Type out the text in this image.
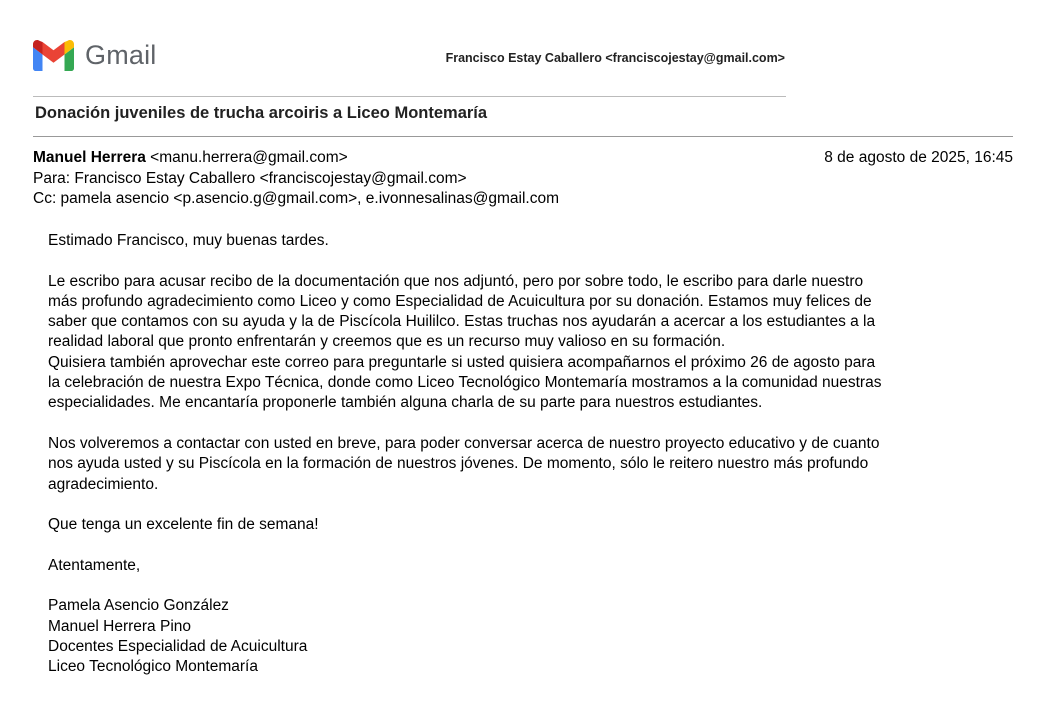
Gmail	Francisco Estay Caballero <franciscojestay@gmail.com>
Donación juveniles de trucha arcoiris a Liceo Montemaría
Manuel Herrera <manu.herrera@gmail.com>
Para: Francisco Estay Caballero <franciscojestay@gmail.com>
Cc: pamela asencio <p.asencio.g@gmail.com>, e.ivonnesalinas@gmail.com
8 de agosto de 2025, 16:45

Estimado Francisco, muy buenas tardes.

Le escribo para acusar recibo de la documentación que nos adjuntó, pero por sobre todo, le escribo para darle nuestro
más profundo agradecimiento como Liceo y como Especialidad de Acuicultura por su donación. Estamos muy felices de
saber que contamos con su ayuda y la de Piscícola Huililco. Estas truchas nos ayudarán a acercar a los estudiantes a la
realidad laboral que pronto enfrentarán y creemos que es un recurso muy valioso en su formación.
Quisiera también aprovechar este correo para preguntarle si usted quisiera acompañarnos el próximo 26 de agosto para
la celebración de nuestra Expo Técnica, donde como Liceo Tecnológico Montemaría mostramos a la comunidad nuestras
especialidades. Me encantaría proponerle también alguna charla de su parte para nuestros estudiantes.

Nos volveremos a contactar con usted en breve, para poder conversar acerca de nuestro proyecto educativo y de cuanto
nos ayuda usted y su Piscícola en la formación de nuestros jóvenes. De momento, sólo le reitero nuestro más profundo
agradecimiento.

Que tenga un excelente fin de semana!

Atentamente,

Pamela Asencio González
Manuel Herrera Pino
Docentes Especialidad de Acuicultura
Liceo Tecnológico Montemaría
